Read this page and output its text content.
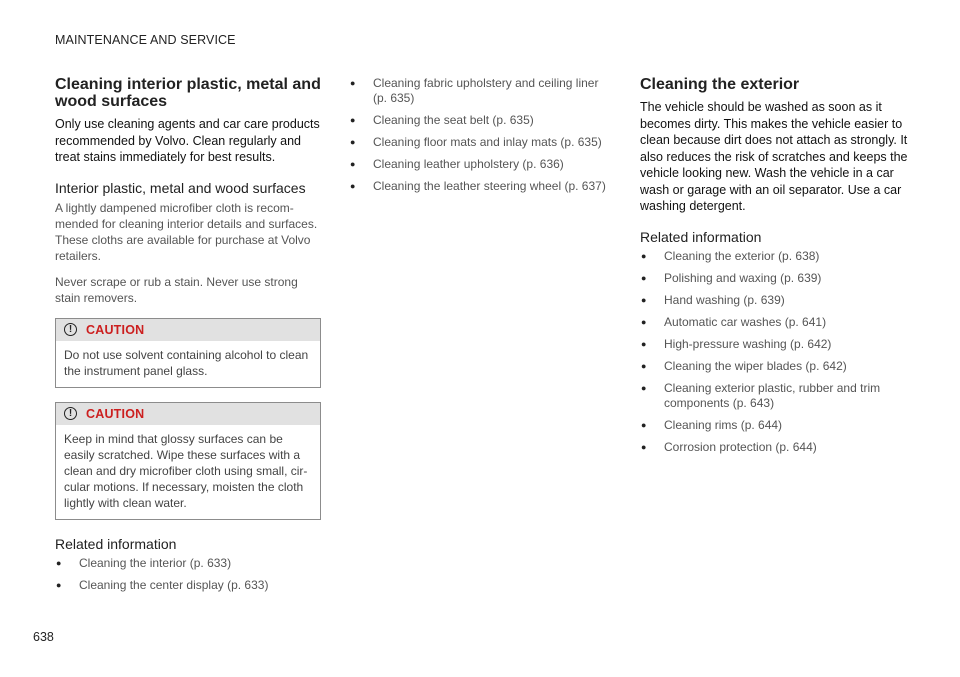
MAINTENANCE AND SERVICE
Cleaning interior plastic, metal and wood surfaces

Only use cleaning agents and car care products recommended by Volvo. Clean regularly and treat stains immediately for best results.

Interior plastic, metal and wood surfaces

A lightly dampened microfiber cloth is recom-mended for cleaning interior details and surfaces. These cloths are available for purchase at Volvo retailers.

Never scrape or rub a stain. Never use strong stain removers.

!	CAUTION
Do not use solvent containing alcohol to clean the instrument panel glass.
!	CAUTION
Keep in mind that glossy surfaces can be easily scratched. Wipe these surfaces with a clean and dry microfiber cloth using small, cir-cular motions. If necessary, moisten the cloth lightly with clean water.
Related information
●	Cleaning the interior (p. 633)
●	Cleaning the center display (p. 633)
●	Cleaning fabric upholstery and ceiling liner (p. 635)
●	Cleaning the seat belt (p. 635)
●	Cleaning floor mats and inlay mats (p. 635)
●	Cleaning leather upholstery (p. 636)
●	Cleaning the leather steering wheel (p. 637)
Cleaning the exterior

The vehicle should be washed as soon as it becomes dirty. This makes the vehicle easier to clean because dirt does not attach as strongly. It also reduces the risk of scratches and keeps the vehicle looking new. Wash the vehicle in a car wash or garage with an oil separator. Use a car washing detergent.

Related information
●	Cleaning the exterior (p. 638)
●	Polishing and waxing (p. 639)
●	Hand washing (p. 639)
●	Automatic car washes (p. 641)
●	High-pressure washing (p. 642)
●	Cleaning the wiper blades (p. 642)
●	Cleaning exterior plastic, rubber and trim components (p. 643)
●	Cleaning rims (p. 644)
●	Corrosion protection (p. 644)
638
